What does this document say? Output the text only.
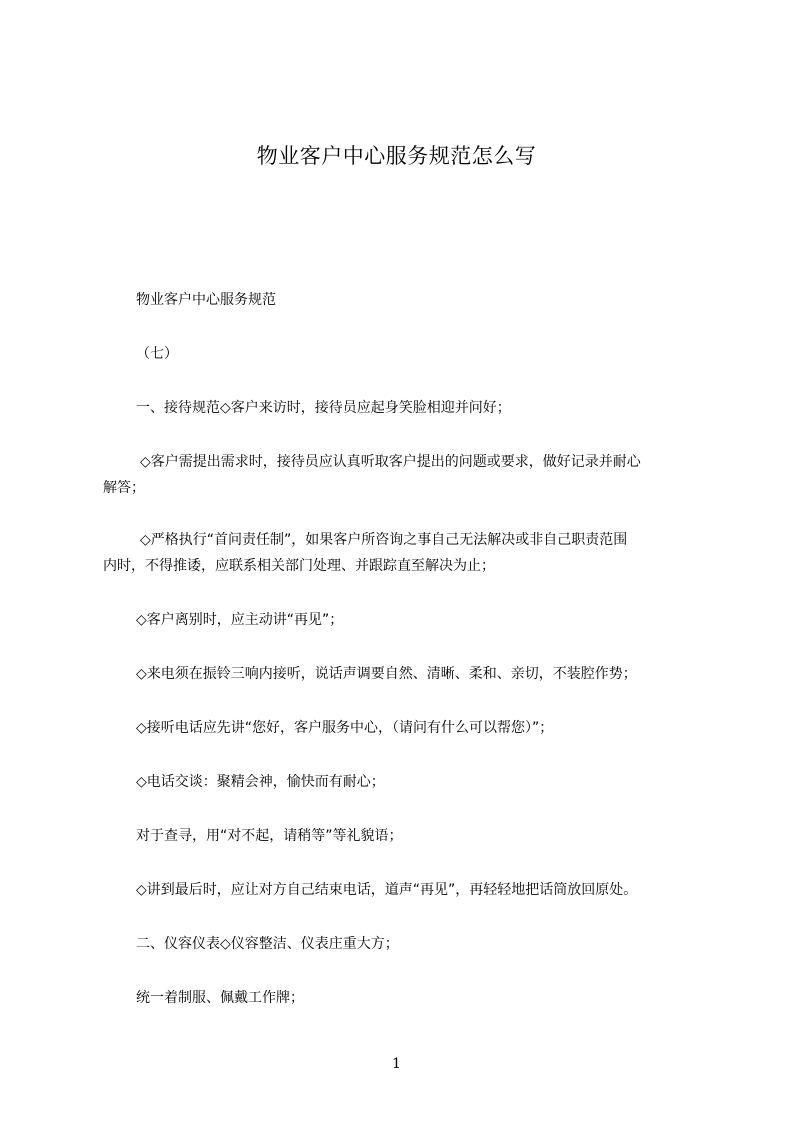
物业客户中心服务规范怎么写
物业客户中心服务规范
（七）
一、接待规范◇客户来访时，接待员应起身笑脸相迎并问好；
◇客户需提出需求时，接待员应认真听取客户提出的问题或要求，做好记录并耐心
解答；
◇严格执行“首问责任制”，如果客户所咨询之事自己无法解决或非自己职责范围
内时，不得推诿，应联系相关部门处理、并跟踪直至解决为止；
◇客户离别时，应主动讲“再见”；
◇来电须在振铃三响内接听，说话声调要自然、清晰、柔和、亲切，不装腔作势；
◇接听电话应先讲“您好，客户服务中心，（请问有什么可以帮您）”；
◇电话交谈：聚精会神，愉快而有耐心；
对于查寻，用“对不起，请稍等”等礼貌语；
◇讲到最后时，应让对方自己结束电话，道声“再见”，再轻轻地把话筒放回原处。
二、仪容仪表◇仪容整洁、仪表庄重大方；
统一着制服、佩戴工作牌；
1
